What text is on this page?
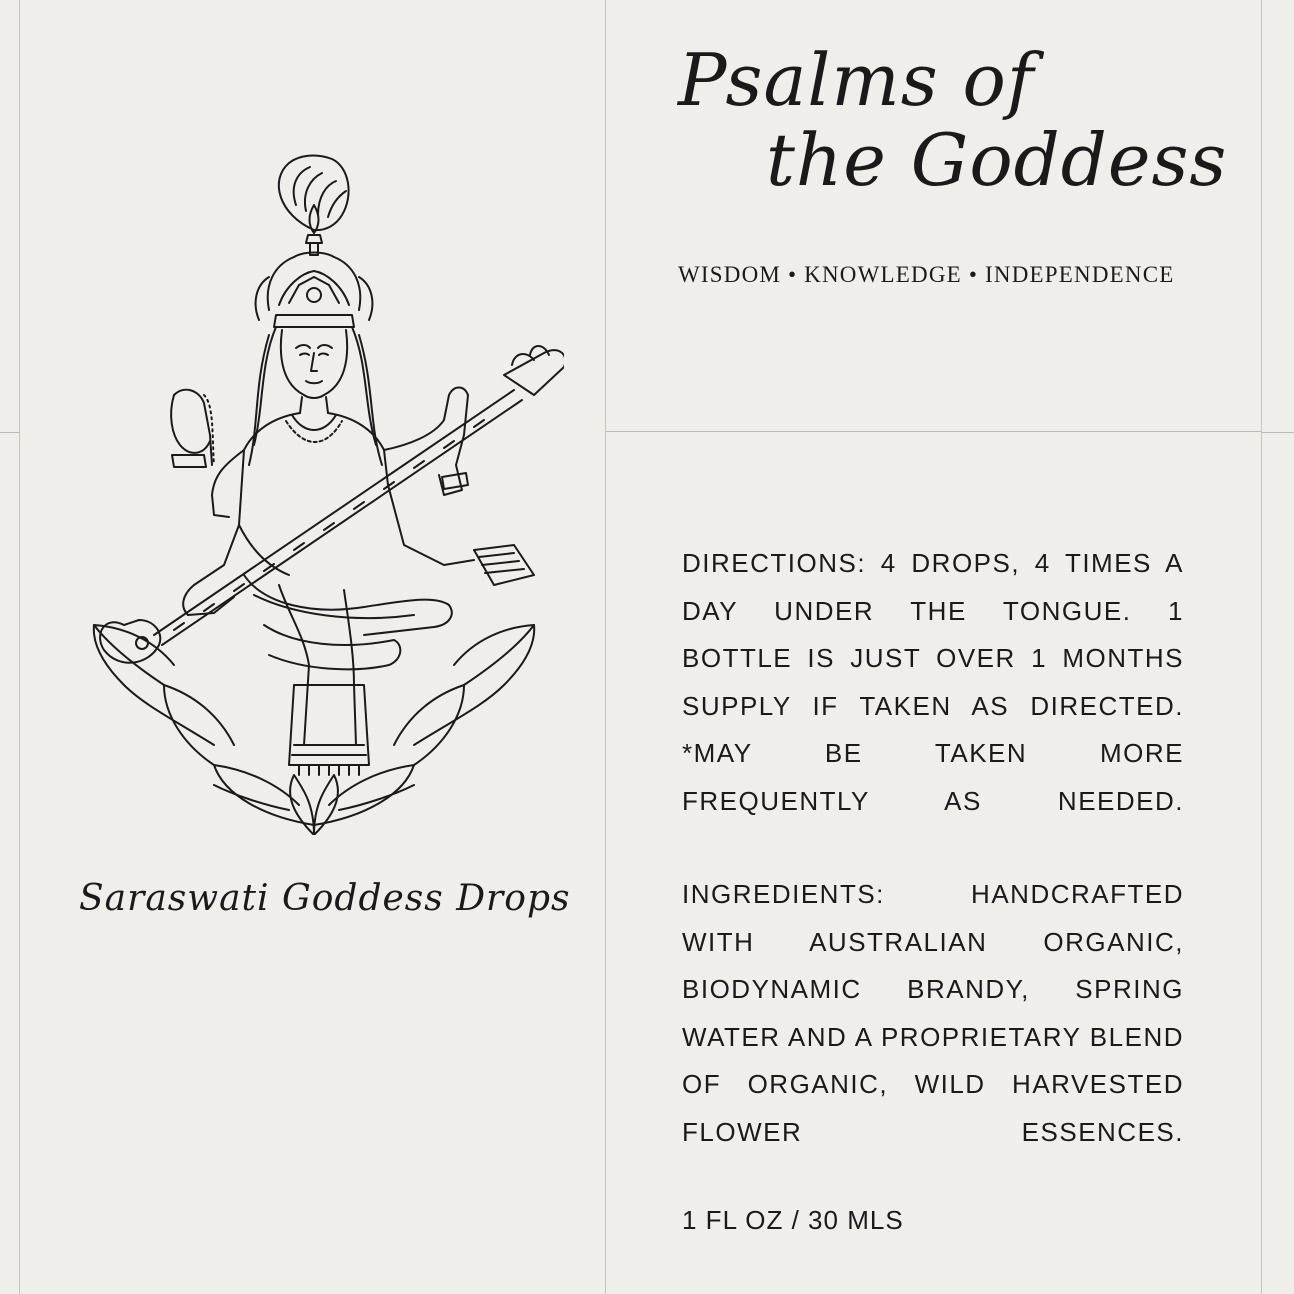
Saraswati Goddess Drops
Psalms of
the Goddess
WISDOM • KNOWLEDGE • INDEPENDENCE
DIRECTIONS: 4 DROPS, 4 TIMES A DAY UNDER THE TONGUE. 1 BOTTLE IS JUST OVER 1 MONTHS SUPPLY IF TAKEN AS DIRECTED. *MAY BE TAKEN MORE FREQUENTLY AS NEEDED.
INGREDIENTS: HANDCRAFTED WITH AUSTRALIAN ORGANIC, BIODYNAMIC BRANDY, SPRING WATER AND A PROPRIETARY BLEND OF ORGANIC, WILD HARVESTED FLOWER ESSENCES.
1 FL OZ / 30 MLS
